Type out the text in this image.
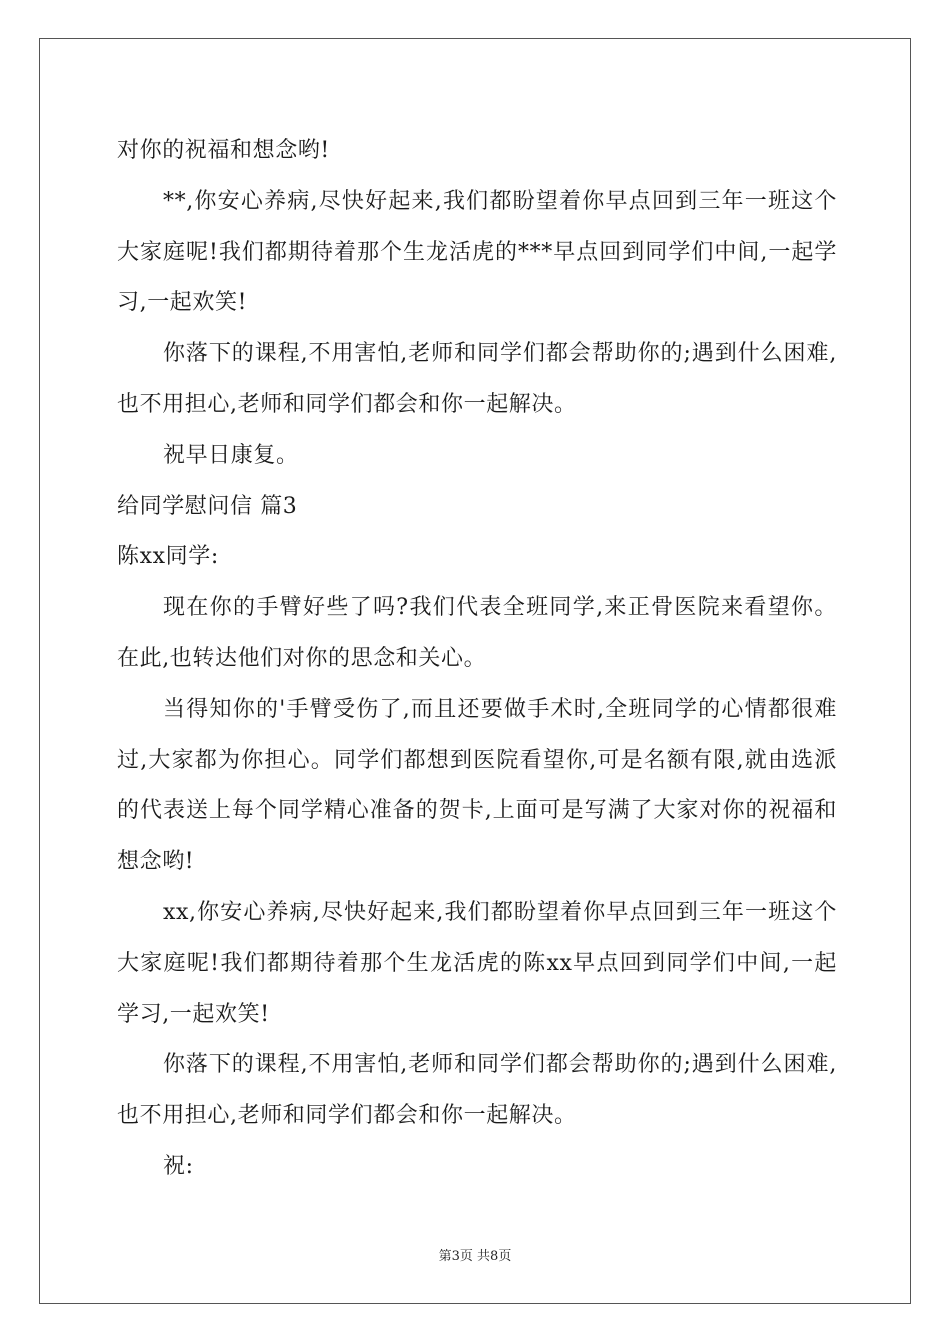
对你的祝福和想念哟!

**,你安心养病,尽快好起来,我们都盼望着你早点回到三年一班这个大家庭呢!我们都期待着那个生龙活虎的***早点回到同学们中间,一起学习,一起欢笑!

你落下的课程,不用害怕,老师和同学们都会帮助你的;遇到什么困难,也不用担心,老师和同学们都会和你一起解决。

祝早日康复。

给同学慰问信 篇3

陈xx同学:

现在你的手臂好些了吗?我们代表全班同学,来正骨医院来看望你。在此,也转达他们对你的思念和关心。

当得知你的'手臂受伤了,而且还要做手术时,全班同学的心情都很难过,大家都为你担心。同学们都想到医院看望你,可是名额有限,就由选派的代表送上每个同学精心准备的贺卡,上面可是写满了大家对你的祝福和想念哟!

xx,你安心养病,尽快好起来,我们都盼望着你早点回到三年一班这个大家庭呢!我们都期待着那个生龙活虎的陈xx早点回到同学们中间,一起学习,一起欢笑!

你落下的课程,不用害怕,老师和同学们都会帮助你的;遇到什么困难,也不用担心,老师和同学们都会和你一起解决。

祝:

第3页 共8页
